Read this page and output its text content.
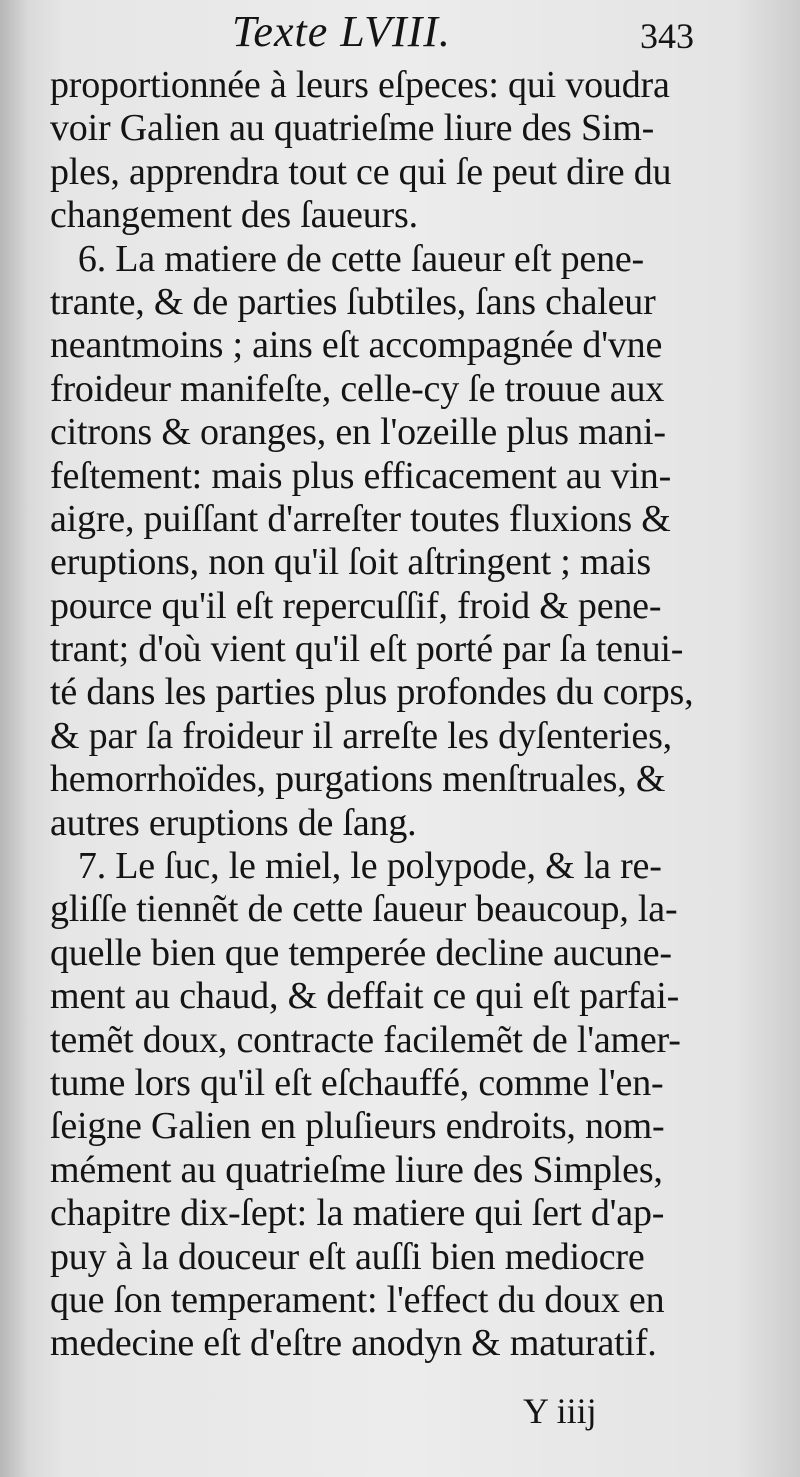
Texte LVIII.	343
proportionnée à leurs eſpeces: qui voudra
voir Galien au quatrieſme liure des Sim-
ples, apprendra tout ce qui ſe peut dire du
changement des ſaueurs.
6. La matiere de cette ſaueur eſt pene-
trante, & de parties ſubtiles, ſans chaleur
neantmoins ; ains eſt accompagnée d'vne
froideur manifeſte, celle-cy ſe trouue aux
citrons & oranges, en l'ozeille plus mani-
feſtement: mais plus efficacement au vin-
aigre, puiſſant d'arreſter toutes fluxions &
eruptions, non qu'il ſoit aſtringent ; mais
pource qu'il eſt repercuſſif, froid & pene-
trant; d'où vient qu'il eſt porté par ſa tenui-
té dans les parties plus profondes du corps,
& par ſa froideur il arreſte les dyſenteries,
hemorrhoïdes, purgations menſtruales, &
autres eruptions de ſang.
7. Le ſuc, le miel, le polypode, & la re-
gliſſe tiennẽt de cette ſaueur beaucoup, la-
quelle bien que temperée decline aucune-
ment au chaud, & deffait ce qui eſt parfai-
temẽt doux, contracte facilemẽt de l'amer-
tume lors qu'il eſt eſchauffé, comme l'en-
ſeigne Galien en pluſieurs endroits, nom-
mément au quatrieſme liure des Simples,
chapitre dix-ſept: la matiere qui ſert d'ap-
puy à la douceur eſt auſſi bien mediocre
que ſon temperament: l'effect du doux en
medecine eſt d'eſtre anodyn & maturatif.
Y iiij
